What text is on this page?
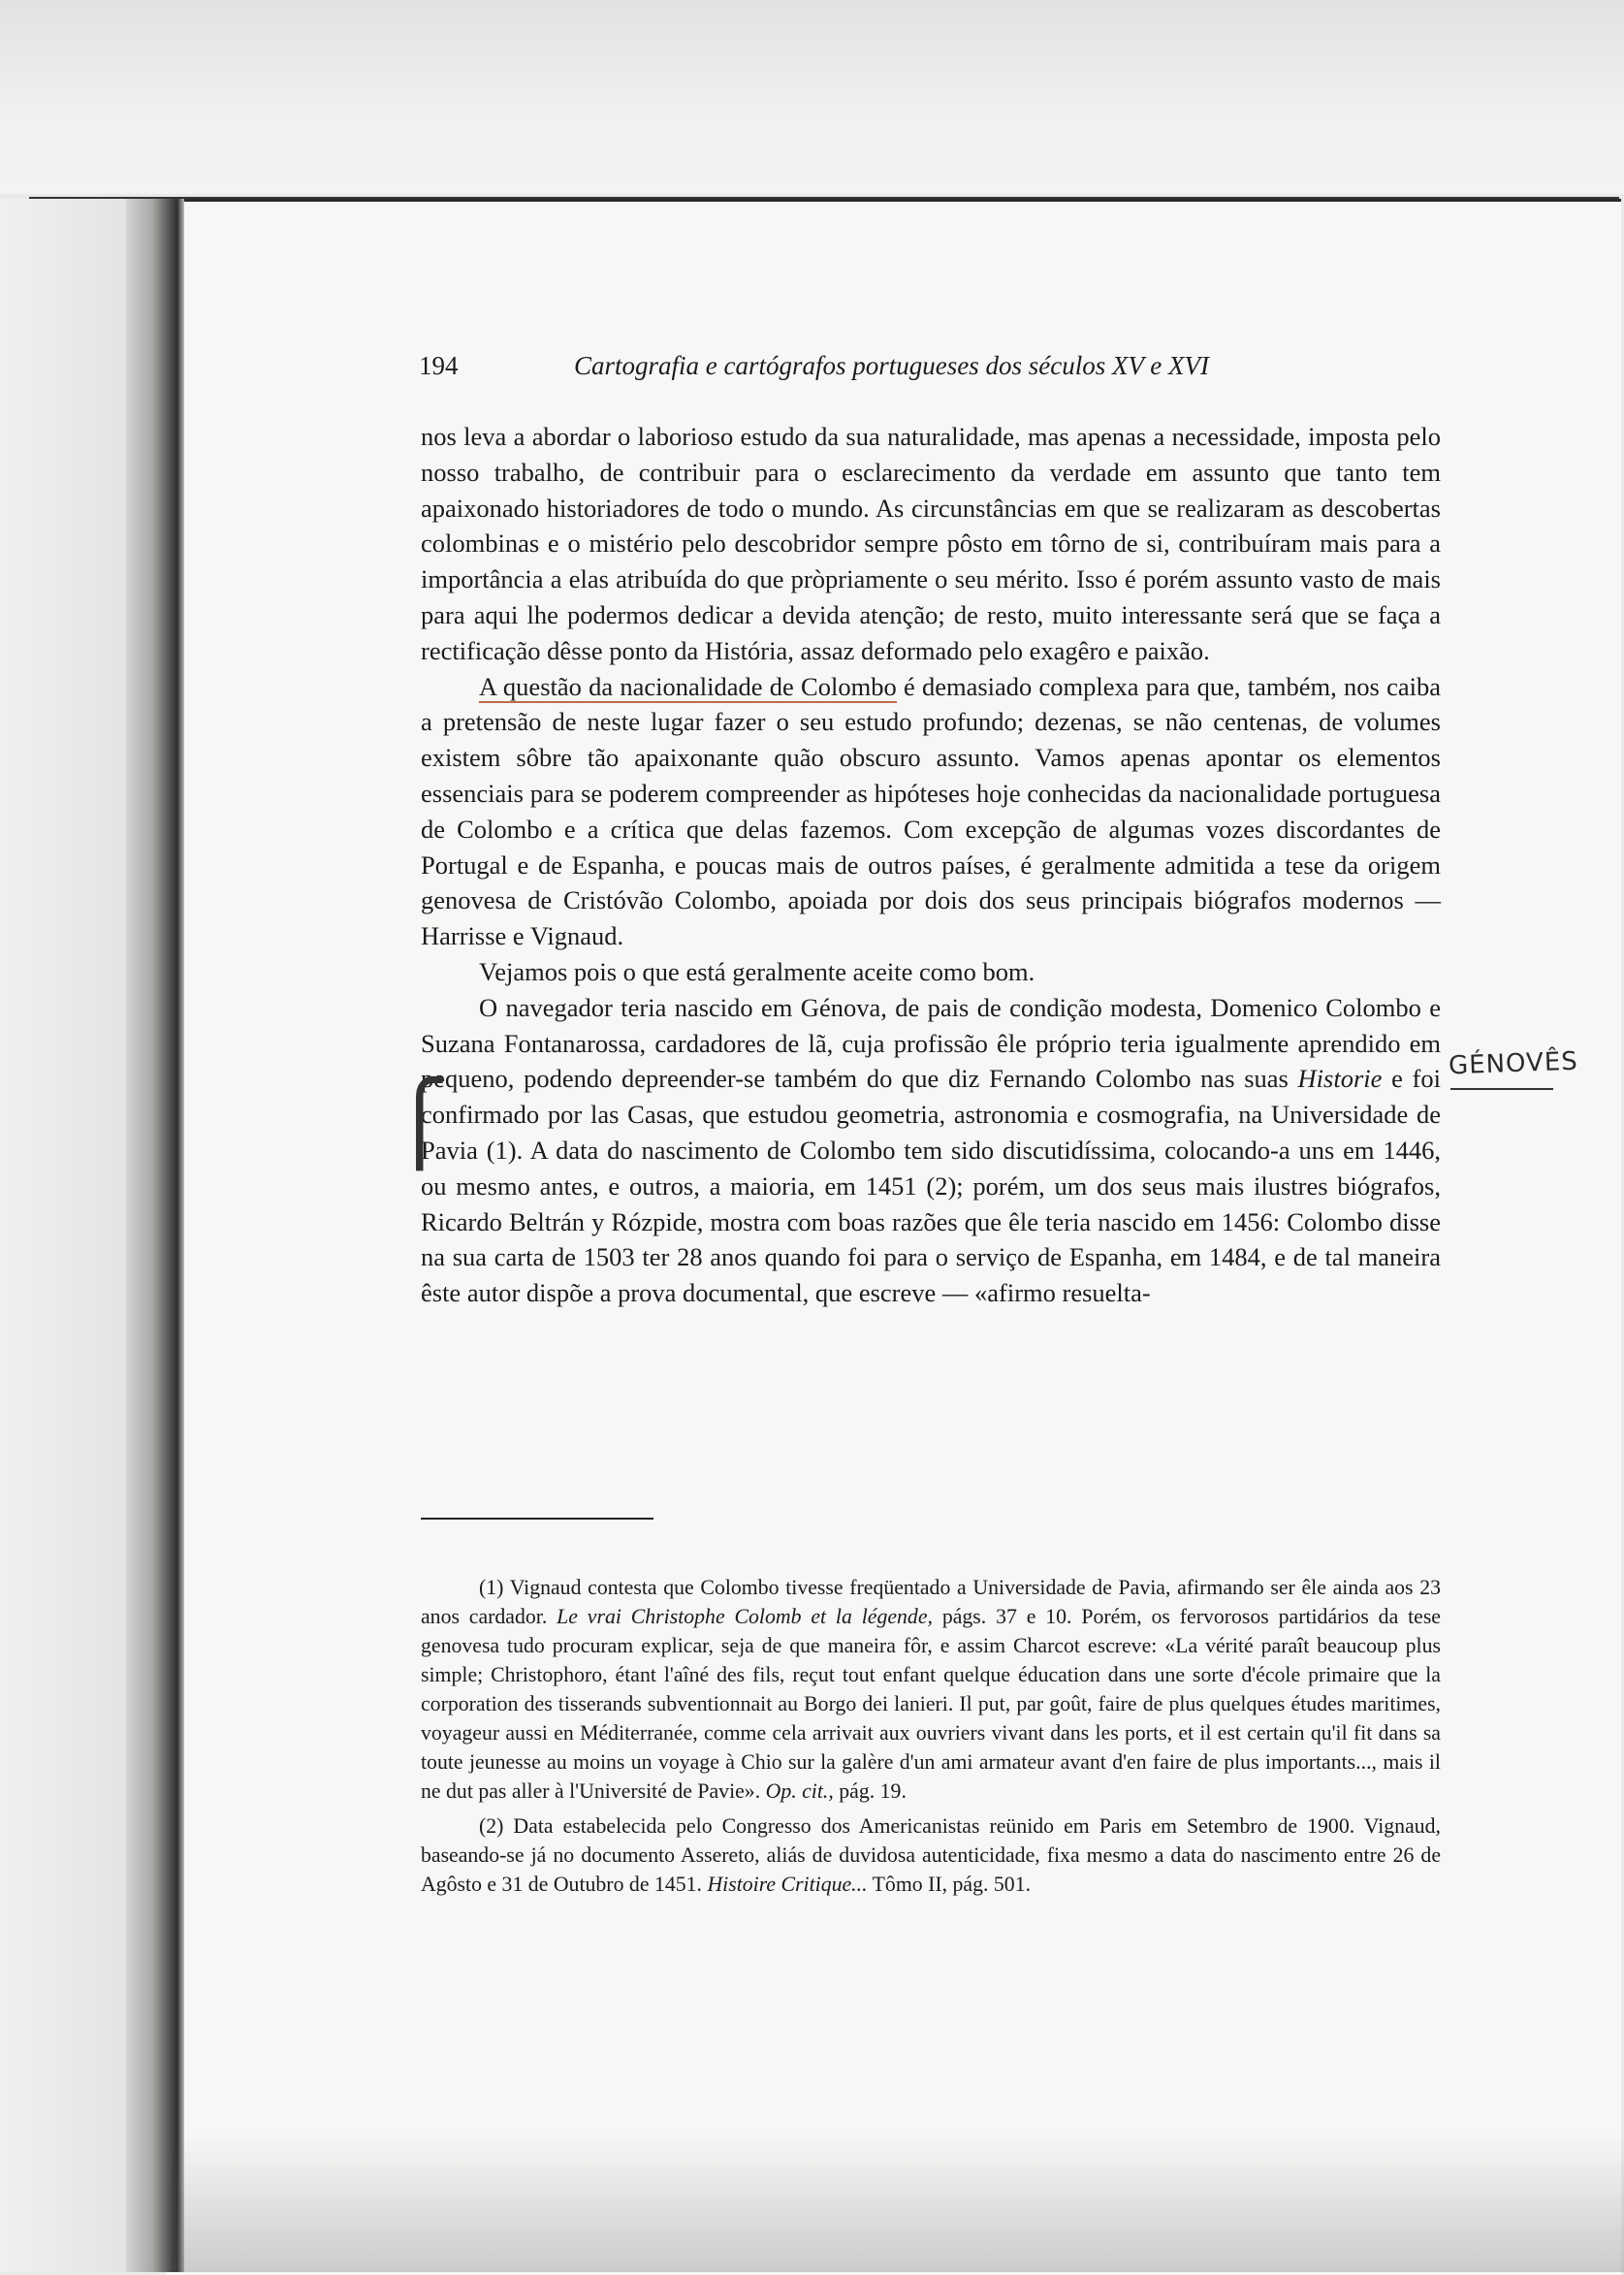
194	Cartografia e cartógrafos portugueses dos séculos XV e XVI

nos leva a abordar o laborioso estudo da sua naturalidade, mas apenas a necessidade, imposta pelo nosso trabalho, de contribuir para o esclarecimento da verdade em assunto que tanto tem apaixonado historiadores de todo o mundo. As circunstâncias em que se realizaram as descobertas colombinas e o mistério pelo descobridor sempre pôsto em tôrno de si, contribuíram mais para a importância a elas atribuída do que pròpriamente o seu mérito. Isso é porém assunto vasto de mais para aqui lhe podermos dedicar a devida atenção; de resto, muito interessante será que se faça a rectificação dêsse ponto da História, assaz deformado pelo exagêro e paixão.

A questão da nacionalidade de Colombo é demasiado complexa para que, também, nos caiba a pretensão de neste lugar fazer o seu estudo profundo; dezenas, se não centenas, de volumes existem sôbre tão apaixonante quão obscuro assunto. Vamos apenas apontar os elementos essenciais para se poderem compreender as hipóteses hoje conhecidas da nacionalidade portuguesa de Colombo e a crítica que delas fazemos. Com excepção de algumas vozes discordantes de Portugal e de Espanha, e poucas mais de outros países, é geralmente admitida a tese da origem genovesa de Cristóvão Colombo, apoiada por dois dos seus principais biógrafos modernos — Harrisse e Vignaud.

Vejamos pois o que está geralmente aceite como bom.

O navegador teria nascido em Génova, de pais de condição modesta, Domenico Colombo e Suzana Fontanarossa, cardadores de lã, cuja profissão êle próprio teria igualmente aprendido em pequeno, podendo depreender-se também do que diz Fernando Colombo nas suas Historie e foi confirmado por las Casas, que estudou geometria, astronomia e cosmografia, na Universidade de Pavia (1). A data do nascimento de Colombo tem sido discutidíssima, colocando-a uns em 1446, ou mesmo antes, e outros, a maioria, em 1451 (2); porém, um dos seus mais ilustres biógrafos, Ricardo Beltrán y Rózpide, mostra com boas razões que êle teria nascido em 1456: Colombo disse na sua carta de 1503 ter 28 anos quando foi para o serviço de Espanha, em 1484, e de tal maneira êste autor dispõe a prova documental, que escreve — «afirmo resuelta-

⎧
GÉNOVÊS

(1) Vignaud contesta que Colombo tivesse freqüentado a Universidade de Pavia, afirmando ser êle ainda aos 23 anos cardador. Le vrai Christophe Colomb et la légende, págs. 37 e 10. Porém, os fervorosos partidários da tese genovesa tudo procuram explicar, seja de que maneira fôr, e assim Charcot escreve: «La vérité paraît beaucoup plus simple; Christophoro, étant l'aîné des fils, reçut tout enfant quelque éducation dans une sorte d'école primaire que la corporation des tisserands subventionnait au Borgo dei lanieri. Il put, par goût, faire de plus quelques études maritimes, voyageur aussi en Méditerranée, comme cela arrivait aux ouvriers vivant dans les ports, et il est certain qu'il fit dans sa toute jeunesse au moins un voyage à Chio sur la galère d'un ami armateur avant d'en faire de plus importants..., mais il ne dut pas aller à l'Université de Pavie». Op. cit., pág. 19.

(2) Data estabelecida pelo Congresso dos Americanistas reünido em Paris em Setembro de 1900. Vignaud, baseando-se já no documento Assereto, aliás de duvidosa autenticidade, fixa mesmo a data do nascimento entre 26 de Agôsto e 31 de Outubro de 1451. Histoire Critique... Tômo II, pág. 501.
